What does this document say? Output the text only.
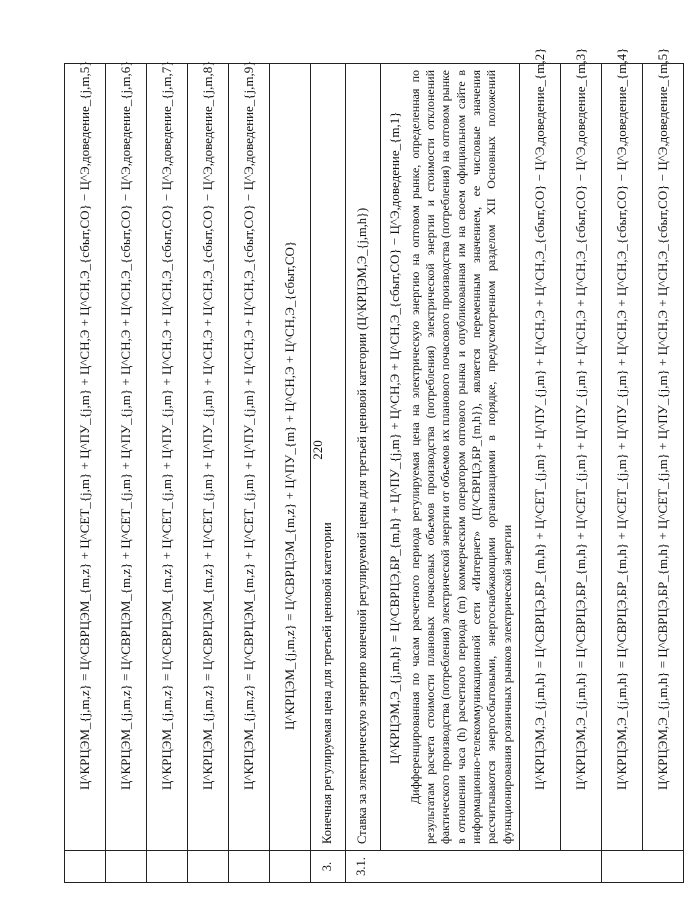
220
	Ц^КРЦЭМ_{j,m,z} = Ц^СВРЦЭМ_{m,z} + Ц^СЕТ_{j,m} + Ц^ПУ_{j,m} + Ц^СН,Э + Ц^СН,Э_{сбыт,СО} − Ц^Э,доведение_{j,m,5}
	Ц^КРЦЭМ_{j,m,z} = Ц^СВРЦЭМ_{m,z} + Ц^СЕТ_{j,m} + Ц^ПУ_{j,m} + Ц^СН,Э + Ц^СН,Э_{сбыт,СО} − Ц^Э,доведение_{j,m,6}
	Ц^КРЦЭМ_{j,m,z} = Ц^СВРЦЭМ_{m,z} + Ц^СЕТ_{j,m} + Ц^ПУ_{j,m} + Ц^СН,Э + Ц^СН,Э_{сбыт,СО} − Ц^Э,доведение_{j,m,7}
	Ц^КРЦЭМ_{j,m,z} = Ц^СВРЦЭМ_{m,z} + Ц^СЕТ_{j,m} + Ц^ПУ_{j,m} + Ц^СН,Э + Ц^СН,Э_{сбыт,СО} − Ц^Э,доведение_{j,m,8}
	Ц^КРЦЭМ_{j,m,z} = Ц^СВРЦЭМ_{m,z} + Ц^СЕТ_{j,m} + Ц^ПУ_{j,m} + Ц^СН,Э + Ц^СН,Э_{сбыт,СО} − Ц^Э,доведение_{j,m,9}
	Ц^КРЦЭМ_{j,m,z} = Ц^СВРЦЭМ_{m,z} + Ц^ПУ_{m} + Ц^СН,Э + Ц^СН,Э_{сбыт,СО}
3.	Конечная регулируемая цена для третьей ценовой категории
3.1.	Ставка за электрическую энергию конечной регулируемой цены для третьей ценовой категории (Ц^КРЦЭМ,Э_{j,m,h})

	Ц^КРЦЭМ,Э_{j,m,h} = Ц^СВРЦЭ,БР_{m,h} + Ц^ПУ_{j,m} + Ц^СН,Э + Ц^СН,Э_{сбыт,СО} − Ц^Э,доведение_{m,1} Дифференцированная по часам расчетного периода регулируемая цена на электрическую энергию на оптовом рынке, определенная по результатам расчета стоимости плановых почасовых объемов производства (потребления) электрической энергии и стоимости отклонений фактического производства (потребления) электрической энергии от объемов их планового почасового производства (потребления) на оптовом рынке в отношении часа (h) расчетного периода (m) коммерческим оператором оптового рынка и опубликованная им на своем официальном сайте в информационно-телекоммуникационной сети «Интернет» (Ц^СВРЦЭ,БР_{m,h}), является переменным значением, ее числовые значения рассчитываются энергосбытовыми, энергоснабжающими организациями в порядке, предусмотренном разделом XII Основных положений функционирования розничных рынков электрической энергии

	Ц^КРЦЭМ,Э_{j,m,h} = Ц^СВРЦЭ,БР_{m,h} + Ц^СЕТ_{j,m} + Ц^ПУ_{j,m} + Ц^СН,Э + Ц^СН,Э_{сбыт,СО} − Ц^Э,доведение_{m,2}
	Ц^КРЦЭМ,Э_{j,m,h} = Ц^СВРЦЭ,БР_{m,h} + Ц^СЕТ_{j,m} + Ц^ПУ_{j,m} + Ц^СН,Э + Ц^СН,Э_{сбыт,СО} − Ц^Э,доведение_{m,3}
	Ц^КРЦЭМ,Э_{j,m,h} = Ц^СВРЦЭ,БР_{m,h} + Ц^СЕТ_{j,m} + Ц^ПУ_{j,m} + Ц^СН,Э + Ц^СН,Э_{сбыт,СО} − Ц^Э,доведение_{m,4}
	Ц^КРЦЭМ,Э_{j,m,h} = Ц^СВРЦЭ,БР_{m,h} + Ц^СЕТ_{j,m} + Ц^ПУ_{j,m} + Ц^СН,Э + Ц^СН,Э_{сбыт,СО} − Ц^Э,доведение_{m,5}
